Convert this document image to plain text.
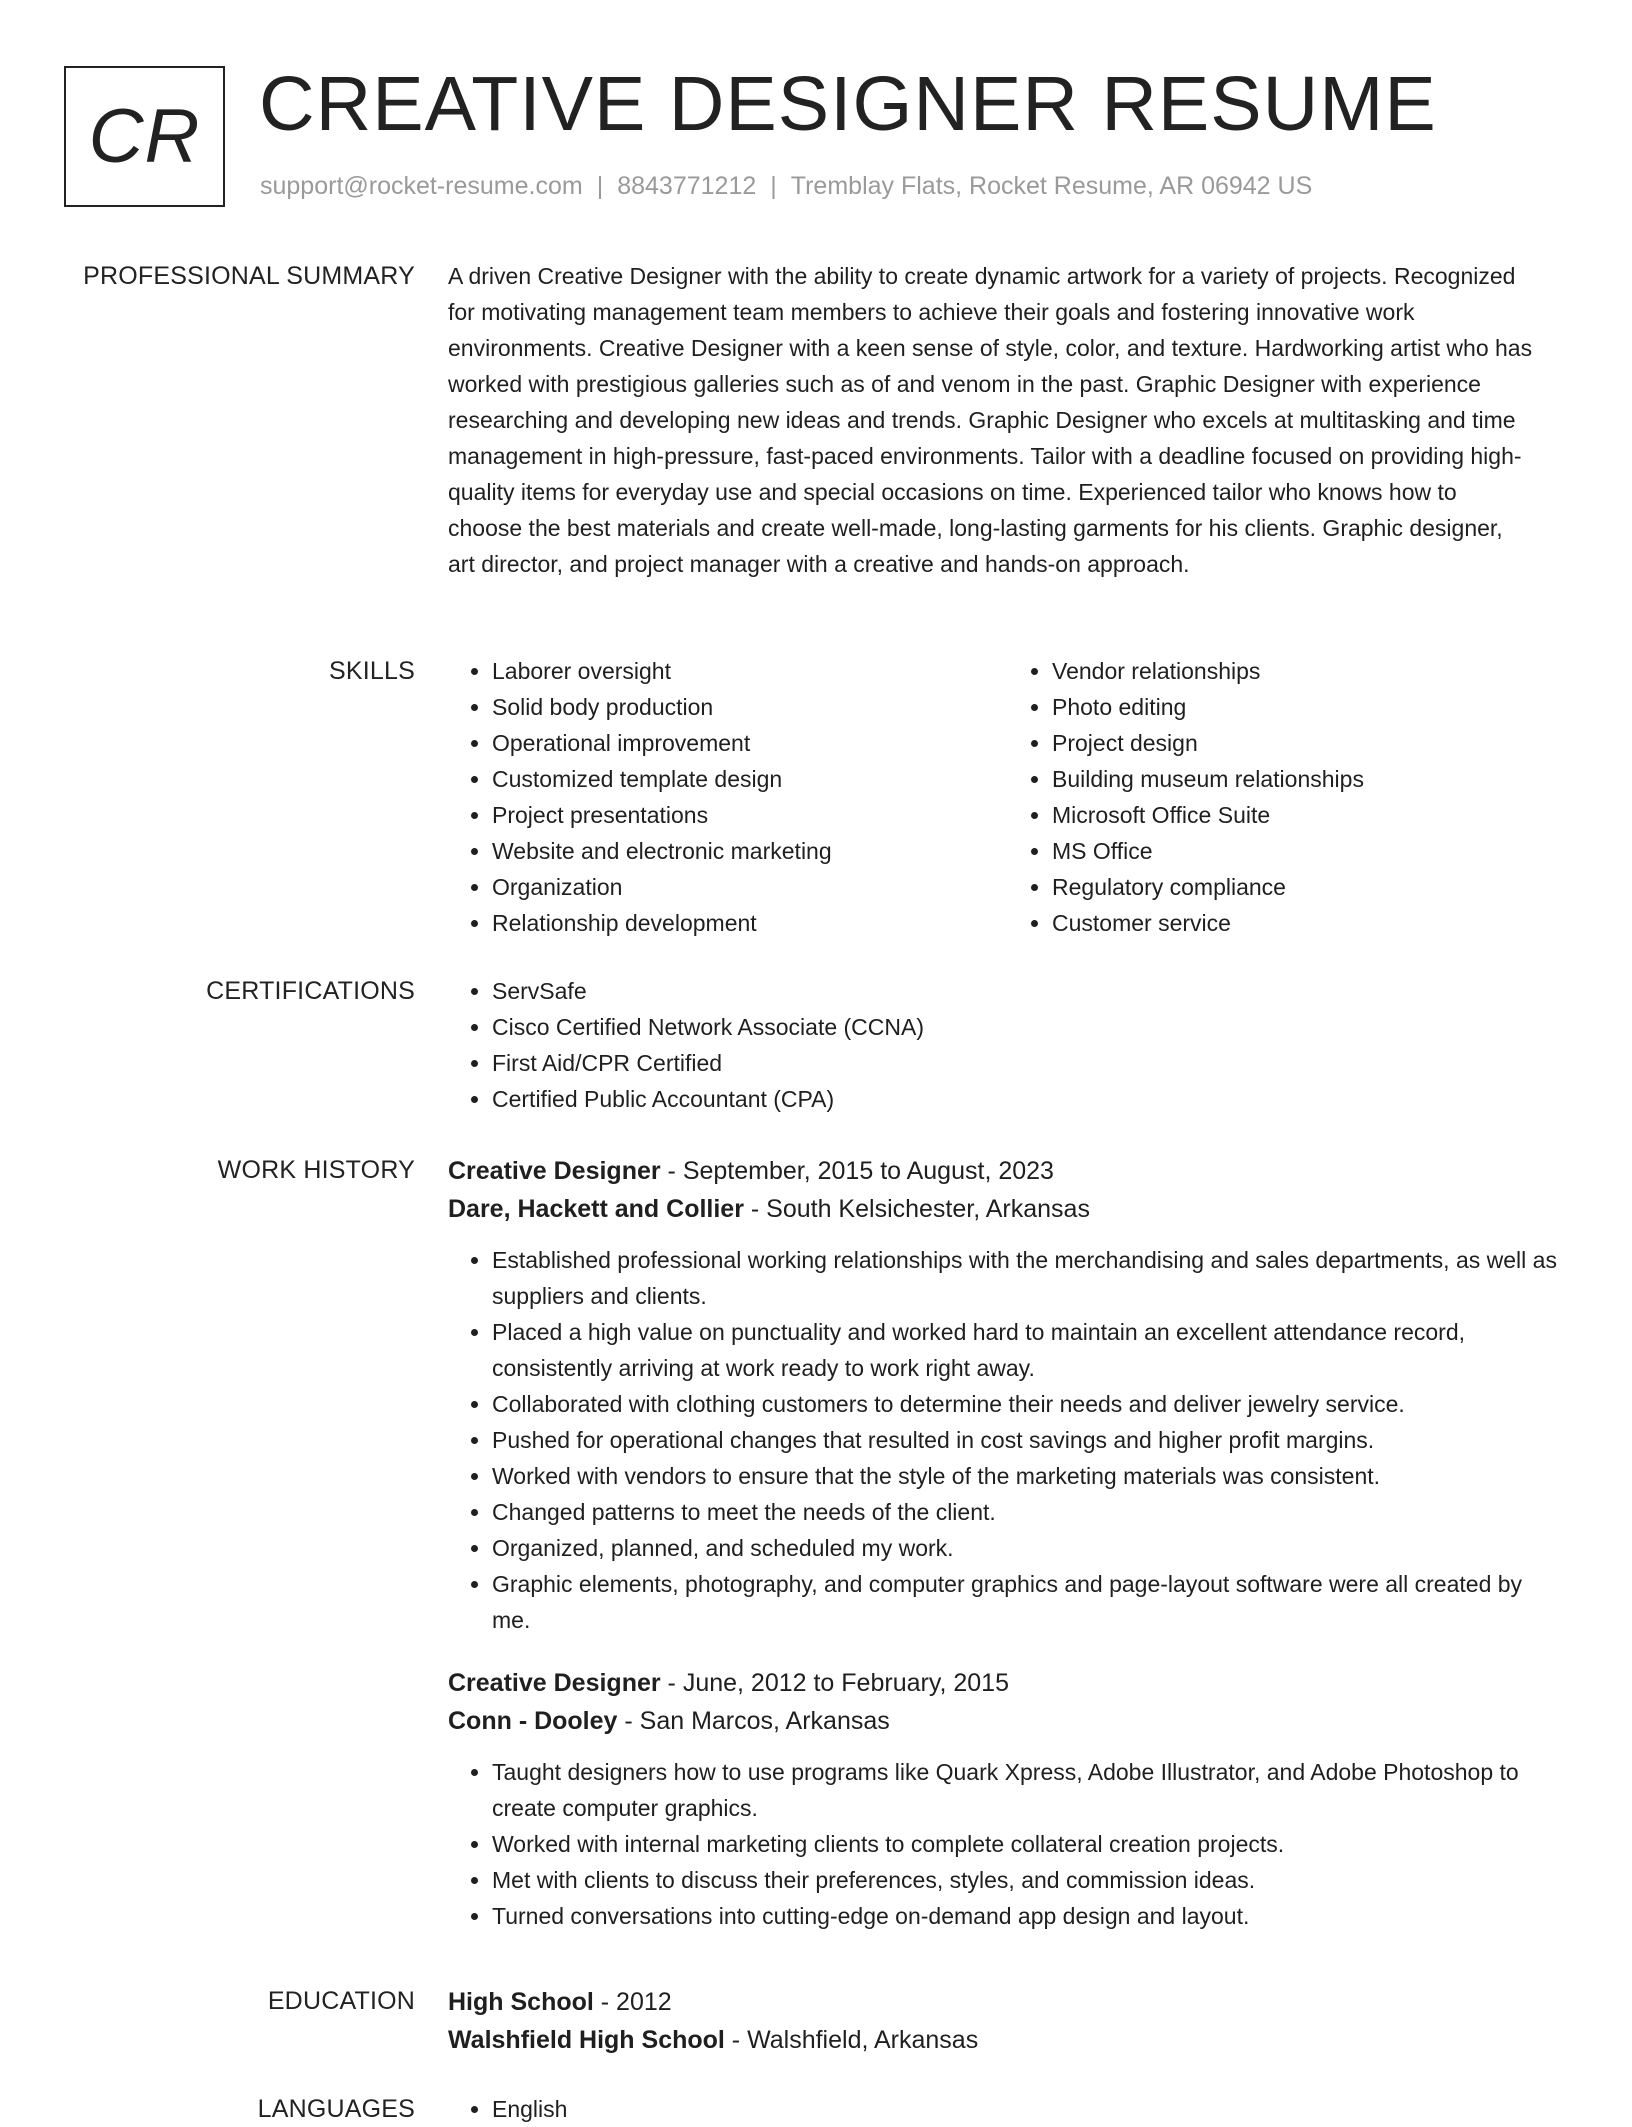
CR CREATIVE DESIGNER RESUME
support@rocket-resume.com | 8843771212 | Tremblay Flats, Rocket Resume, AR 06942 US
PROFESSIONAL SUMMARY A driven Creative Designer with the ability to create dynamic artwork for a variety of projects. Recognized for motivating management team members to achieve their goals and fostering innovative work environments. Creative Designer with a keen sense of style, color, and texture. Hardworking artist who has worked with prestigious galleries such as of and venom in the past. Graphic Designer with experience researching and developing new ideas and trends. Graphic Designer who excels at multitasking and time management in high-pressure, fast-paced environments. Tailor with a deadline focused on providing high-quality items for everyday use and special occasions on time. Experienced tailor who knows how to choose the best materials and create well-made, long-lasting garments for his clients. Graphic designer, art director, and project manager with a creative and hands-on approach.

SKILLS	• Laborer oversight
• Solid body production
• Operational improvement
• Customized template design
• Project presentations
• Website and electronic marketing
• Organization
• Relationship development
• Vendor relationships
• Photo editing
• Project design
• Building museum relationships
• Microsoft Office Suite
• MS Office
• Regulatory compliance
• Customer service
CERTIFICATIONS	• ServSafe
• Cisco Certified Network Associate (CCNA)
• First Aid/CPR Certified
• Certified Public Accountant (CPA)
WORK HISTORY Creative Designer - September, 2015 to August, 2023
Dare, Hackett and Collier - South Kelsichester, Arkansas
• Established professional working relationships with the merchandising and sales departments, as well as suppliers and clients.
• Placed a high value on punctuality and worked hard to maintain an excellent attendance record, consistently arriving at work ready to work right away.
• Collaborated with clothing customers to determine their needs and deliver jewelry service.
• Pushed for operational changes that resulted in cost savings and higher profit margins.
• Worked with vendors to ensure that the style of the marketing materials was consistent.
• Changed patterns to meet the needs of the client.
• Organized, planned, and scheduled my work.
• Graphic elements, photography, and computer graphics and page-layout software were all created by me.
Creative Designer - June, 2012 to February, 2015
Conn - Dooley - San Marcos, Arkansas
• Taught designers how to use programs like Quark Xpress, Adobe Illustrator, and Adobe Photoshop to create computer graphics.
• Worked with internal marketing clients to complete collateral creation projects.
• Met with clients to discuss their preferences, styles, and commission ideas.
• Turned conversations into cutting-edge on-demand app design and layout.
EDUCATION High School - 2012
Walshfield High School - Walshfield, Arkansas
LANGUAGES	• English
